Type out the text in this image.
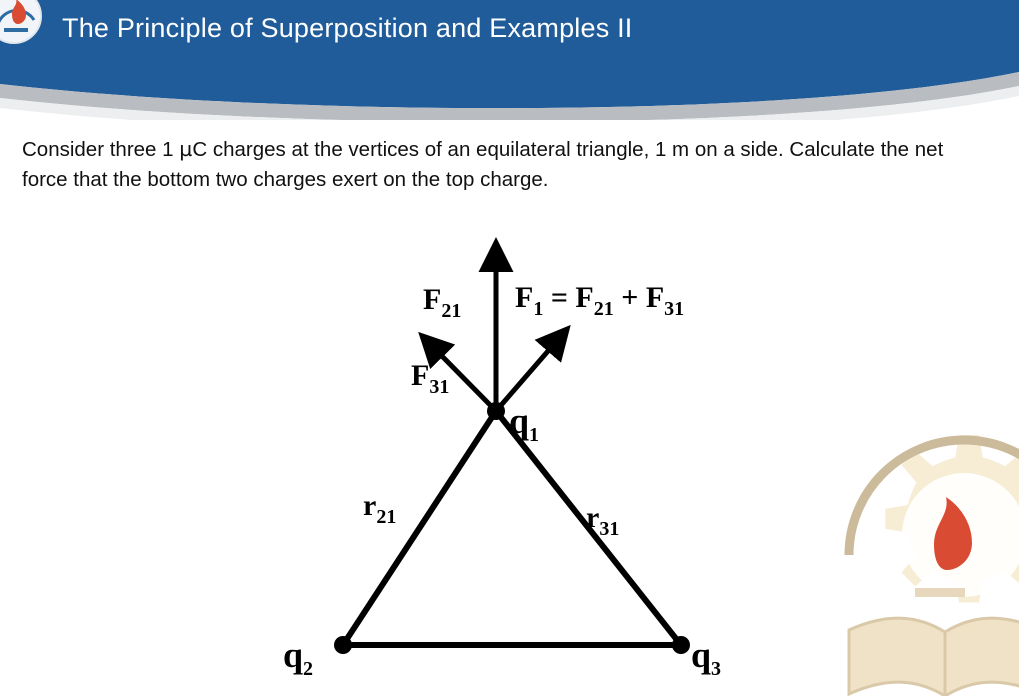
The Principle of Superposition and Examples II
Consider three 1 µC charges at the vertices of an equilateral triangle, 1 m on a side. Calculate the net force that the bottom two charges exert on the top charge.
$F_{21}$
$F_{31}$
$F_1 = F_{21} + F_{31}$
$q_1$
$q_2$	$q_3$
$r_{21}$	$r_{31}$
